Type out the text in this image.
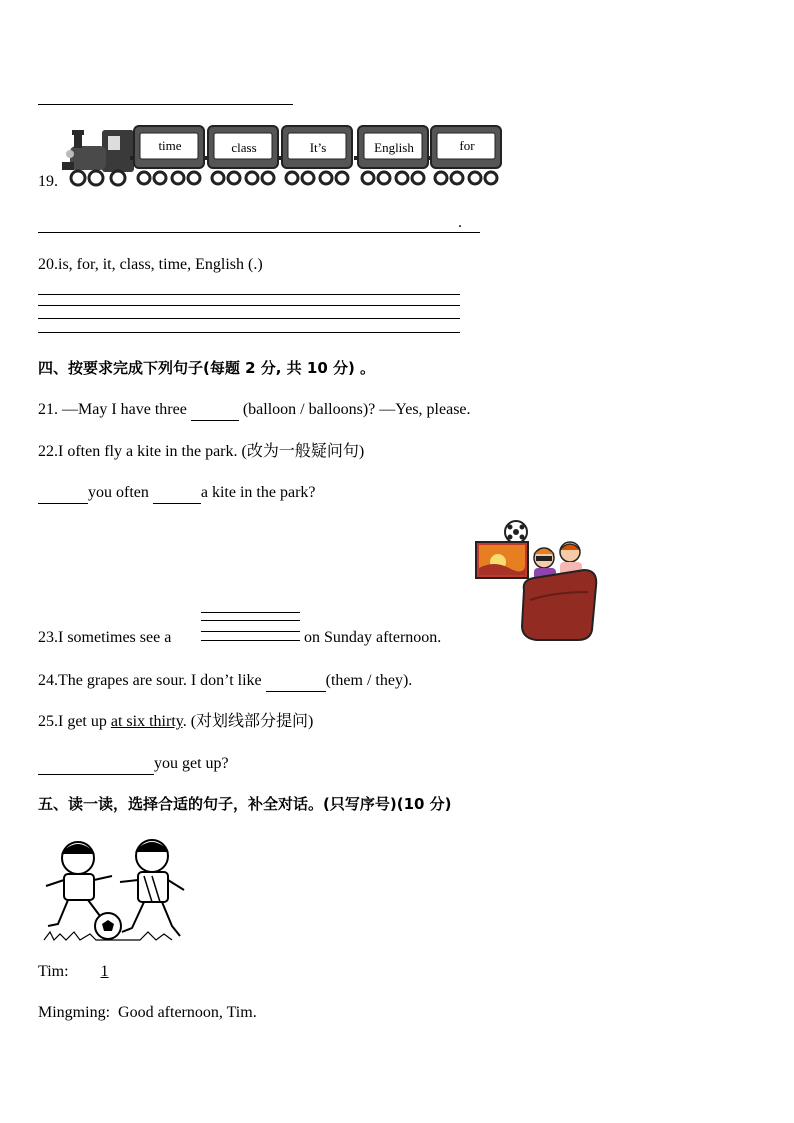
19.
time	class	It’s	English	for
.
20.is, for, it, class, time, English (.)
四、按要求完成下列句子(每题 2 分, 共 10 分) 。
21. —May I have three	(balloon / balloons)? —Yes, please.
22.I often fly a kite in the park. (改为一般疑问句)
you often	a kite in the park?
23.I sometimes see a	on Sunday afternoon.
24.The grapes are sour. I don’t like	(them / they).
25.I get up at six thirty. (对划线部分提问)
you get up?
五、读一读，选择合适的句子，补全对话。(只写序号)(10 分)
Tim: 1
Mingming:  Good afternoon, Tim.
